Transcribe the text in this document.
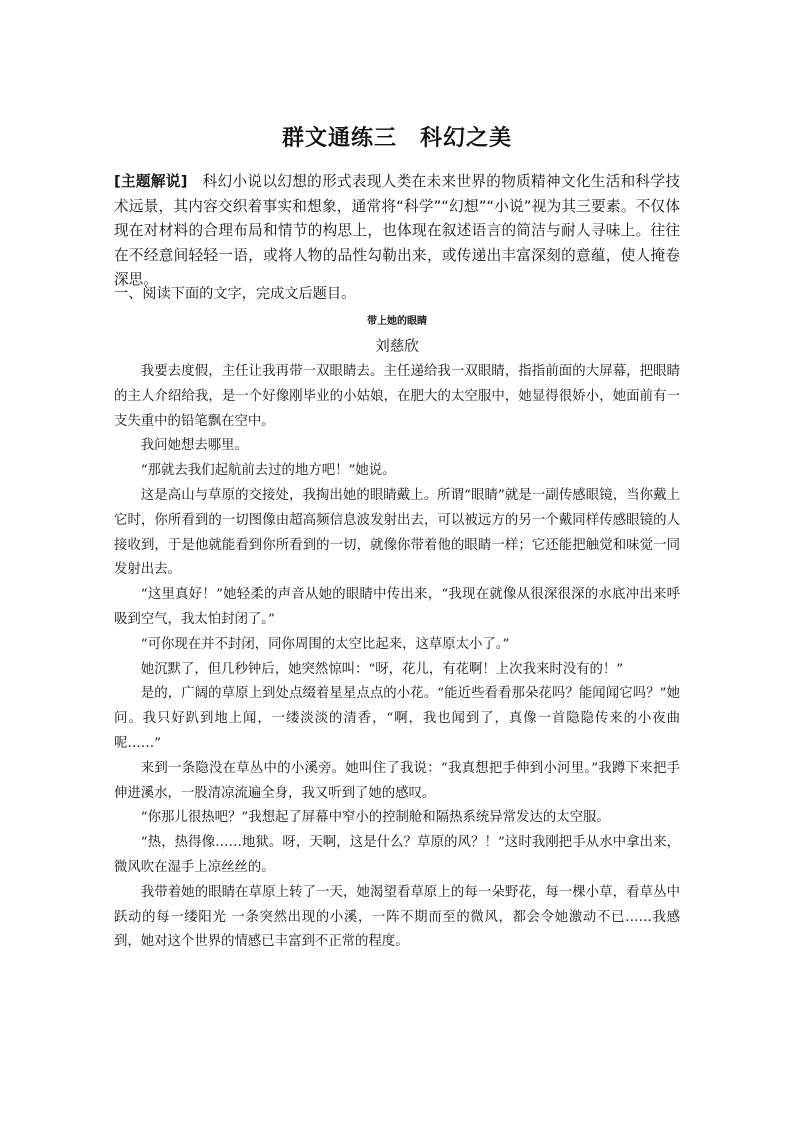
群文通练三　科幻之美
[主题解说]　科幻小说以幻想的形式表现人类在未来世界的物质精神文化生活和科学技术远景，其内容交织着事实和想象，通常将“科学”“幻想”“小说”视为其三要素。不仅体现在对材料的合理布局和情节的构思上，也体现在叙述语言的简洁与耐人寻味上。往往在不经意间轻轻一语，或将人物的品性勾勒出来，或传递出丰富深刻的意蕴，使人掩卷深思。
一、阅读下面的文字，完成文后题目。
带上她的眼睛
刘慈欣

我要去度假，主任让我再带一双眼睛去。主任递给我一双眼睛，指指前面的大屏幕，把眼睛的主人介绍给我，是一个好像刚毕业的小姑娘，在肥大的太空服中，她显得很娇小，她面前有一支失重中的铅笔飘在空中。

我问她想去哪里。

“那就去我们起航前去过的地方吧！”她说。

这是高山与草原的交接处，我掏出她的眼睛戴上。所谓“眼睛”就是一副传感眼镜，当你戴上它时，你所看到的一切图像由超高频信息波发射出去，可以被远方的另一个戴同样传感眼镜的人接收到，于是他就能看到你所看到的一切，就像你带着他的眼睛一样；它还能把触觉和味觉一同发射出去。

“这里真好！”她轻柔的声音从她的眼睛中传出来，“我现在就像从很深很深的水底冲出来呼吸到空气，我太怕封闭了。”

“可你现在并不封闭，同你周围的太空比起来，这草原太小了。”

她沉默了，但几秒钟后，她突然惊叫：“呀，花儿，有花啊！上次我来时没有的！”

是的，广阔的草原上到处点缀着星星点点的小花。“能近些看看那朵花吗？能闻闻它吗？”她问。我只好趴到地上闻，一缕淡淡的清香，“啊，我也闻到了，真像一首隐隐传来的小夜曲呢……”

来到一条隐没在草丛中的小溪旁。她叫住了我说：“我真想把手伸到小河里。”我蹲下来把手伸进溪水，一股清凉流遍全身，我又听到了她的感叹。

“你那儿很热吧？”我想起了屏幕中窄小的控制舱和隔热系统异常发达的太空服。

“热，热得像……地狱。呀，天啊，这是什么？草原的风？！”这时我刚把手从水中拿出来，微风吹在湿手上凉丝丝的。

我带着她的眼睛在草原上转了一天，她渴望看草原上的每一朵野花，每一棵小草，看草丛中跃动的每一缕阳光 一条突然出现的小溪，一阵不期而至的微风，都会令她激动不已……我感到，她对这个世界的情感已丰富到不正常的程度。
